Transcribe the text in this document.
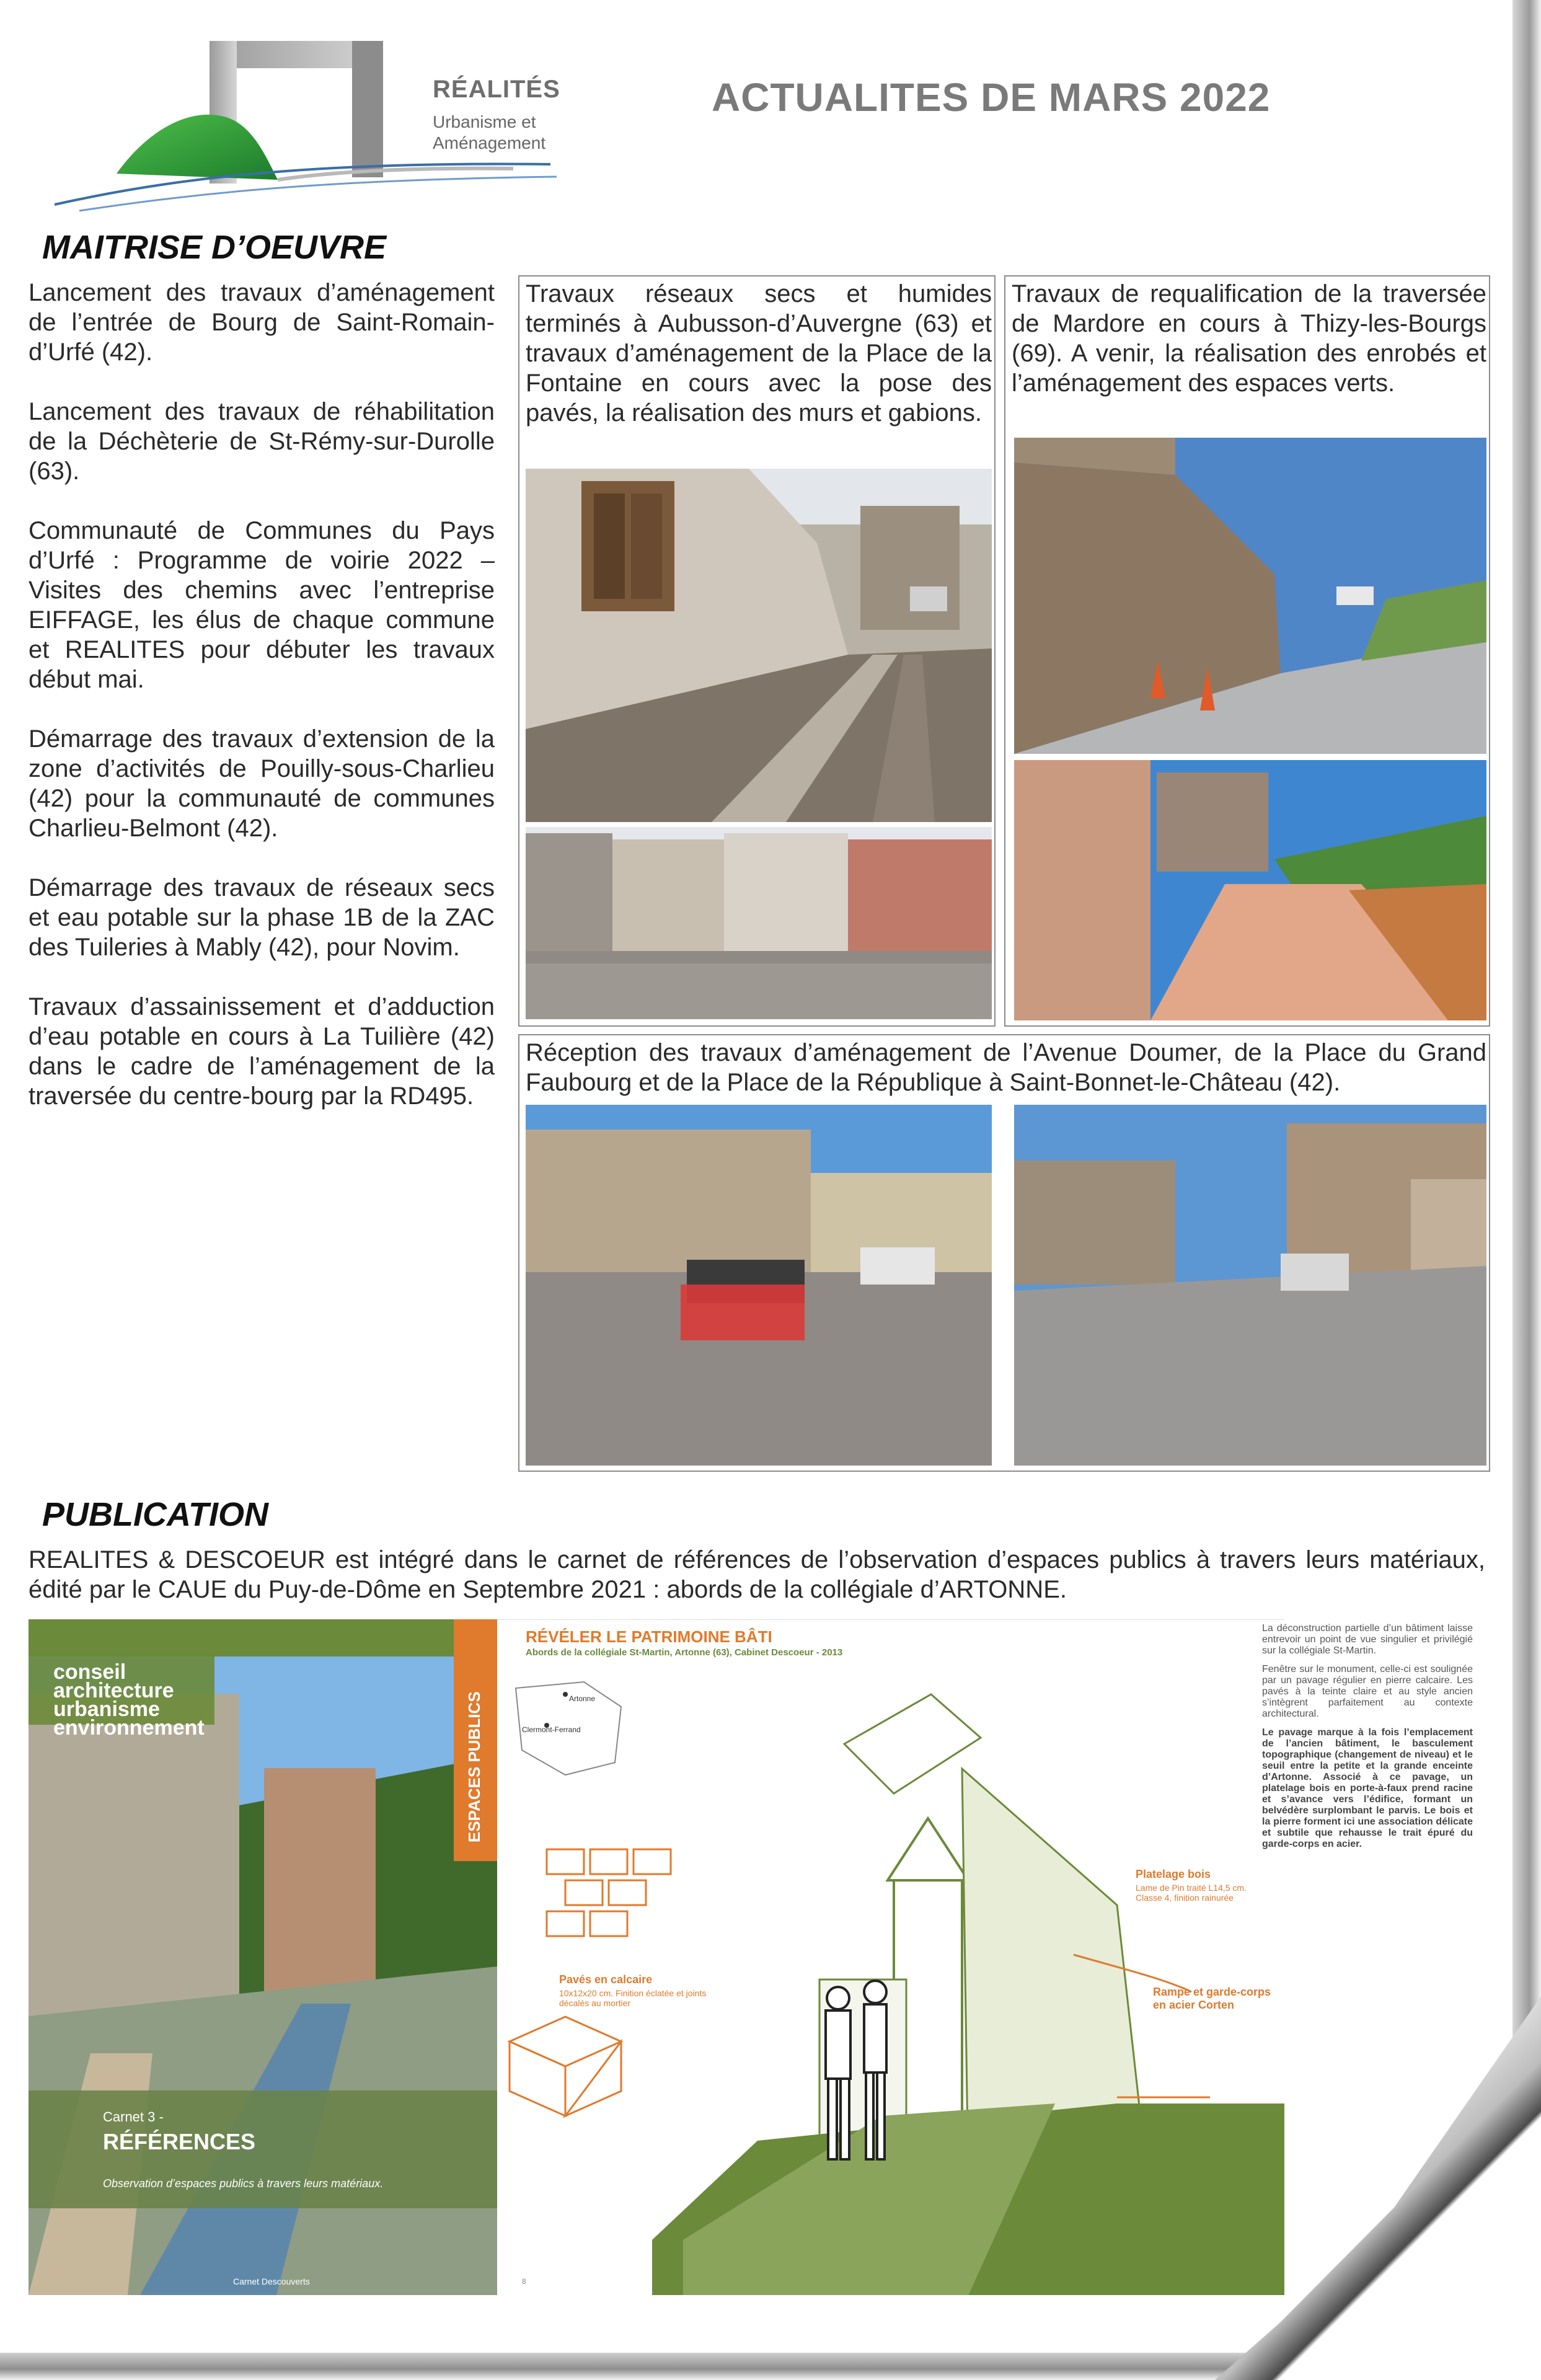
RÉALITÉS
Urbanisme et
Aménagement
ACTUALITES DE MARS 2022
MAITRISE D’OEUVRE

Lancement des travaux d’aménagement de l’entrée de Bourg de Saint-Romain-d’Urfé (42).

Lancement des travaux de réhabilitation de la Déchèterie de St-Rémy-sur-Durolle (63).

Communauté de Communes du Pays d’Urfé : Programme de voirie 2022 – Visites des chemins avec l’entreprise EIFFAGE, les élus de chaque commune et REALITES pour débuter les travaux début mai.

Démarrage des travaux d’extension de la zone d’activités de Pouilly-sous-Charlieu (42) pour la communauté de communes Charlieu-Belmont (42).

Démarrage des travaux de réseaux secs et eau potable sur la phase 1B de la ZAC des Tuileries à Mably (42), pour Novim.

Travaux d’assainissement et d’adduction d’eau potable en cours à La Tuilière (42) dans le cadre de l’aménagement de la traversée du centre-bourg par la RD495.

Travaux réseaux secs et humides terminés à Aubusson-d’Auvergne (63) et travaux d’aménagement de la Place de la Fontaine en cours avec la pose des pavés, la réalisation des murs et gabions.
Travaux de requalification de la traversée de Mardore en cours à Thizy-les-Bourgs (69). A venir, la réalisation des enrobés et l’aménagement des espaces verts.
Réception des travaux d’aménagement de l’Avenue Doumer, de la Place du Grand Faubourg et de la Place de la République à Saint-Bonnet-le-Château (42).
PUBLICATION

REALITES & DESCOEUR est intégré dans le carnet de références de l’observation d’espaces publics à travers leurs matériaux, édité par le CAUE du Puy-de-Dôme en Septembre 2021 : abords de la collégiale d’ARTONNE.

conseil
architecture
urbanisme
environnement	ESPACES PUBLICS
Carnet 3 -
RÉFÉRENCES
Observation d’espaces publics à travers leurs matériaux.
Carnet Descouverts
RÉVÉLER LE PATRIMOINE BÂTI
Abords de la collégiale St-Martin, Artonne (63), Cabinet Descoeur - 2013
Artonne
Clermont-Ferrand
Pavés en calcaire
10x12x20 cm. Finition éclatée et joints décalés au mortier
Platelage bois
Lame de Pin traité L14,5 cm. Classe 4, finition rainurée
Rampe et garde-corps en acier Corten
8

La déconstruction partielle d’un bâtiment laisse entrevoir un point de vue singulier et privilégié sur la collégiale St-Martin.

Fenêtre sur le monument, celle-ci est soulignée par un pavage régulier en pierre calcaire. Les pavés à la teinte claire et au style ancien s’intègrent parfaitement au contexte architectural.

Le pavage marque à la fois l’emplacement de l’ancien bâtiment, le basculement topographique (changement de niveau) et le seuil entre la petite et la grande enceinte d’Artonne. Associé à ce pavage, un platelage bois en porte-à-faux prend racine et s’avance vers l’édifice, formant un belvédère surplombant le parvis. Le bois et la pierre forment ici une association délicate et subtile que rehausse le trait épuré du garde-corps en acier.
